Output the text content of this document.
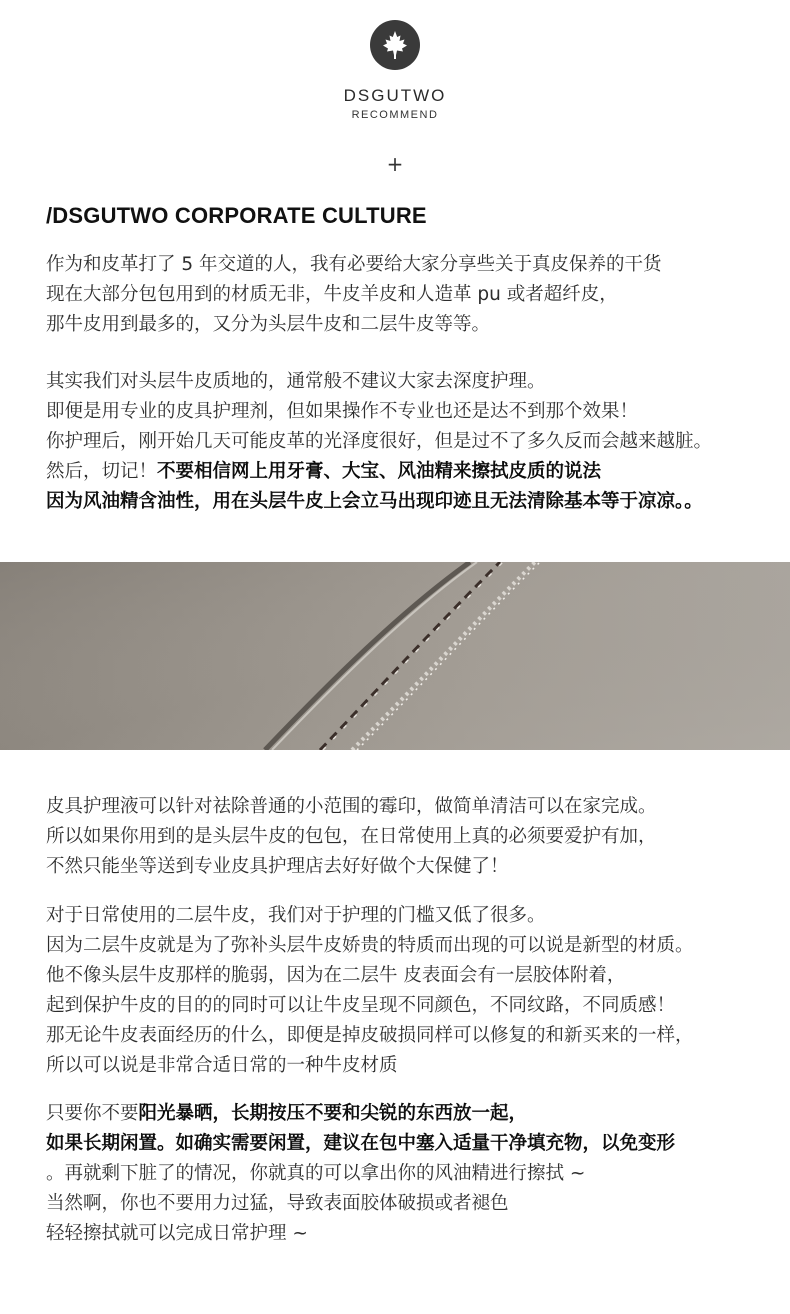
DSGUTWO
RECOMMEND
+
/DSGUTWO CORPORATE CULTURE
作为和皮革打了 5 年交道的人，我有必要给大家分享些关于真皮保养的干货
现在大部分包包用到的材质无非，牛皮羊皮和人造革 pu 或者超纤皮，
那牛皮用到最多的，又分为头层牛皮和二层牛皮等等。
其实我们对头层牛皮质地的，通常般不建议大家去深度护理。
即便是用专业的皮具护理剂，但如果操作不专业也还是达不到那个效果！
你护理后，刚开始几天可能皮革的光泽度很好，但是过不了多久反而会越来越脏。
然后，切记！不要相信网上用牙膏、大宝、风油精来擦拭皮质的说法
因为风油精含油性，用在头层牛皮上会立马出现印迹且无法清除基本等于凉凉。。
皮具护理液可以针对祛除普通的小范围的霉印，做简单清洁可以在家完成。
所以如果你用到的是头层牛皮的包包，在日常使用上真的必须要爱护有加，
不然只能坐等送到专业皮具护理店去好好做个大保健了！
对于日常使用的二层牛皮，我们对于护理的门槛又低了很多。
因为二层牛皮就是为了弥补头层牛皮娇贵的特质而出现的可以说是新型的材质。
他不像头层牛皮那样的脆弱，因为在二层牛 皮表面会有一层胶体附着，
起到保护牛皮的目的的同时可以让牛皮呈现不同颜色，不同纹路，不同质感！
那无论牛皮表面经历的什么，即便是掉皮破损同样可以修复的和新买来的一样，
所以可以说是非常合适日常的一种牛皮材质
只要你不要阳光暴晒，长期按压不要和尖锐的东西放一起，
如果长期闲置。如确实需要闲置，建议在包中塞入适量干净填充物，以免变形
。再就剩下脏了的情况，你就真的可以拿出你的风油精进行擦拭 ~
当然啊，你也不要用力过猛，导致表面胶体破损或者褪色
轻轻擦拭就可以完成日常护理 ~
